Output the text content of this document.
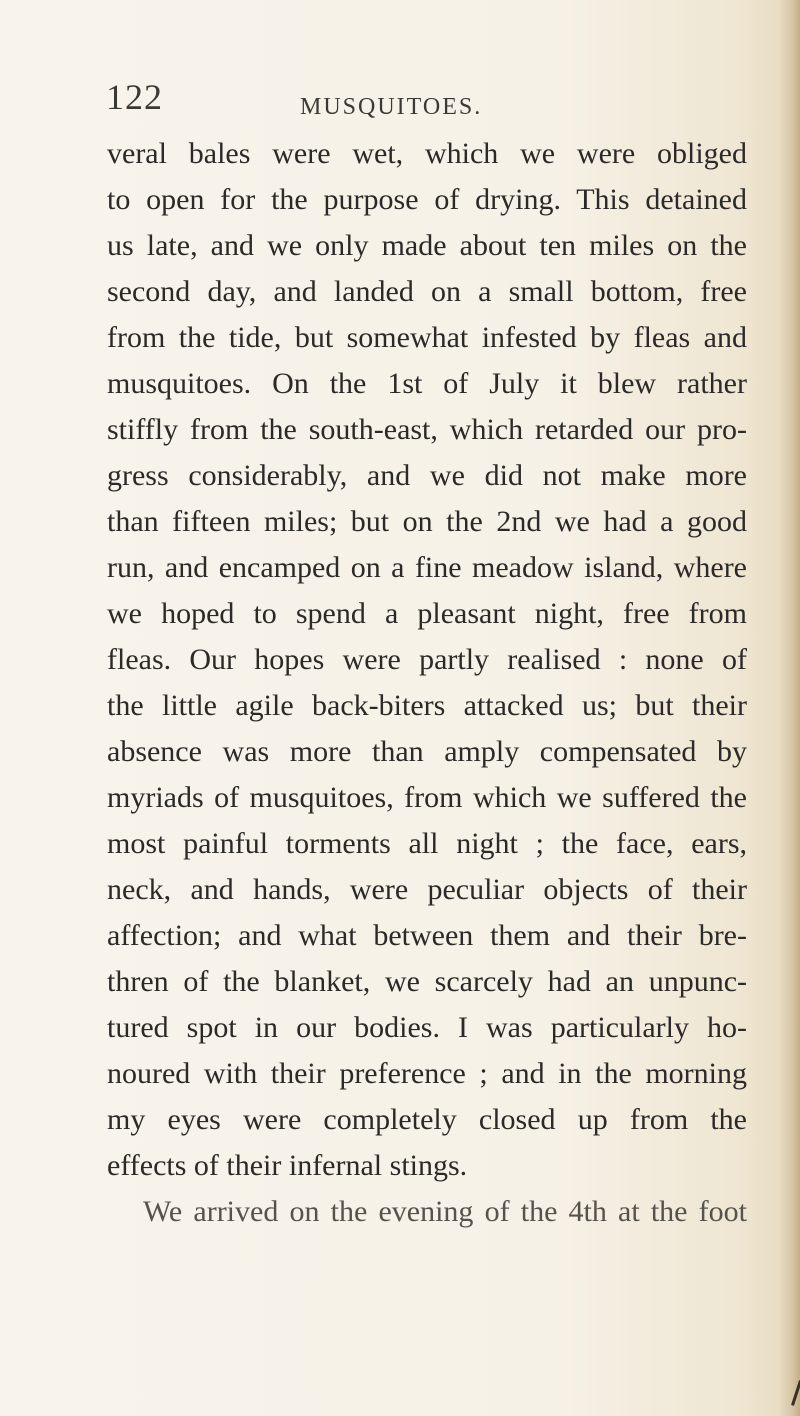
122	MUSQUITOES.
veral bales were wet, which we were obliged
to open for the purpose of drying. This detained
us late, and we only made about ten miles on the
second day, and landed on a small bottom, free
from the tide, but somewhat infested by fleas and
musquitoes. On the 1st of July it blew rather
stiffly from the south-east, which retarded our pro-
gress considerably, and we did not make more
than fifteen miles; but on the 2nd we had a good
run, and encamped on a fine meadow island, where
we hoped to spend a pleasant night, free from
fleas. Our hopes were partly realised : none of
the little agile back-biters attacked us; but their
absence was more than amply compensated by
myriads of musquitoes, from which we suffered the
most painful torments all night ; the face, ears,
neck, and hands, were peculiar objects of their
affection; and what between them and their bre-
thren of the blanket, we scarcely had an unpunc-
tured spot in our bodies. I was particularly ho-
noured with their preference ; and in the morning
my eyes were completely closed up from the
effects of their infernal stings.
We arrived on the evening of the 4th at the foot
